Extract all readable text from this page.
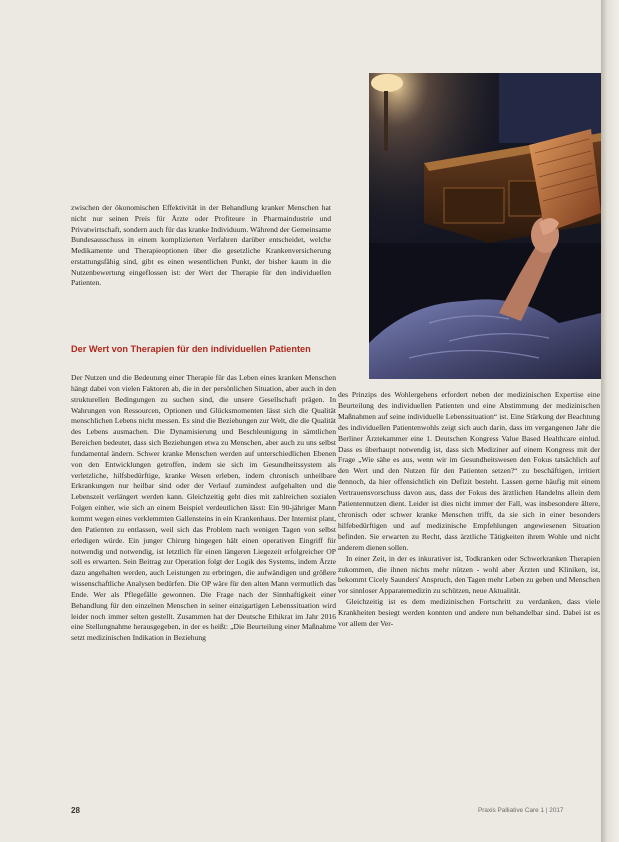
zwischen der ökonomischen Effektivität in der Behandlung kranker Menschen hat nicht nur seinen Preis für Ärzte oder Profiteure in Pharmaindustrie und Privatwirtschaft, sondern auch für das kranke Individuum. Während der Gemeinsame Bundesausschuss in einem komplizierten Verfahren darüber entscheidet, welche Medikamente und Therapieoptionen über die gesetzliche Krankenversicherung erstattungsfähig sind, gibt es einen wesentlichen Punkt, der bisher kaum in die Nutzenbewertung eingeflossen ist: der Wert der Therapie für den individuellen Patienten.

Der Wert von Therapien für den individuellen Patienten

Der Nutzen und die Bedeutung einer Therapie für das Leben eines kranken Menschen hängt dabei von vielen Faktoren ab, die in der persönlichen Situation, aber auch in den strukturellen Bedingungen zu suchen sind, die unsere Gesellschaft prägen. In Wahrungen von Ressourcen, Optionen und Glücksmomenten lässt sich die Qualität menschlichen Lebens nicht messen. Es sind die Beziehungen zur Welt, die die Qualität des Lebens ausmachen. Die Dynamisierung und Beschleunigung in sämtlichen Bereichen bedeutet, dass sich Beziehungen etwa zu Menschen, aber auch zu uns selbst fundamental ändern. Schwer kranke Menschen werden auf unterschiedlichen Ebenen von den Entwicklungen getroffen, indem sie sich im Gesundheitssystem als verletzliche, hilfsbedürftige, kranke Wesen erleben, indem chronisch unheilbare Erkrankungen nur heilbar sind oder der Verlauf zumindest aufgehalten und die Lebenszeit verlängert werden kann. Gleichzeitig geht dies mit zahlreichen sozialen Folgen einher, wie sich an einem Beispiel verdeutlichen lässt: Ein 90-jähriger Mann kommt wegen eines verklemmten Gallensteins in ein Krankenhaus. Der Internist plant, den Patienten zu entlassen, weil sich das Problem nach wenigen Tagen von selbst erledigen würde. Ein junger Chirurg hingegen hält einen operativen Eingriff für notwendig und notwendig, ist letztlich für einen längeren Liegezeit erfolgreicher OP soll es erwarten. Sein Beitrag zur Operation folgt der Logik des Systems, indem Ärzte dazu angehalten werden, auch Leistungen zu erbringen, die aufwändigen und größere wissenschaftliche Analysen bedürfen. Die OP wäre für den alten Mann vermutlich das Ende. Wer als Pflegefälle gewonnen. Die Frage nach der Sinnhaftigkeit einer Behandlung für den einzelnen Menschen in seiner einzigartigen Lebenssituation wird leider noch immer selten gestellt. Zusammen hat der Deutsche Ethikrat im Jahr 2016 eine Stellungnahme herausgegeben, in der es heißt: „Die Beurteilung einer Maßnahme setzt medizinischen Indikation in Beziehung

des Prinzips des Wohlergehens erfordert neben der medizinischen Expertise eine Beurteilung des individuellen Patienten und eine Abstimmung der medizinischen Maßnahmen auf seine individuelle Lebenssituation“ ist. Eine Stärkung der Beachtung des individuellen Patientenwohls zeigt sich auch darin, dass im vergangenen Jahr die Berliner Ärztekammer eine 1. Deutschen Kongress Value Based Healthcare einlud. Dass es überhaupt notwendig ist, dass sich Mediziner auf einem Kongress mit der Frage „Wie sähe es aus, wenn wir im Gesundheitswesen den Fokus tatsächlich auf den Wert und den Nutzen für den Patienten setzen?“ zu beschäftigen, irritiert dennoch, da hier offensichtlich ein Defizit besteht. Lassen gerne häufig mit einem Vertrauensvorschuss davon aus, dass der Fokus des ärztlichen Handelns allein dem Patientennutzen dient. Leider ist dies nicht immer der Fall, was insbesondere ältere, chronisch oder schwer kranke Menschen trifft, da sie sich in einer besonders hilfebedürftigen und auf medizinische Empfehlungen angewiesenen Situation befinden. Sie erwarten zu Recht, dass ärztliche Tätigkeiten ihrem Wohle und nicht anderem dienen sollen.

In einer Zeit, in der es inkurativer ist, Todkranken oder Schwerkranken Therapien zukommen, die ihnen nichts mehr nützen - wohl aber Ärzten und Kliniken, ist, bekommt Cicely Saunders' Anspruch, den Tagen mehr Leben zu geben und Menschen vor sinnloser Apparatemedizin zu schützen, neue Aktualität.

Gleichzeitig ist es dem medizinischen Fortschritt zu verdanken, dass viele Krankheiten besiegt werden konnten und andere nun behandelbar sind. Dabei ist es vor allem der Ver-

28	Praxis Palliative Care 1 | 2017
